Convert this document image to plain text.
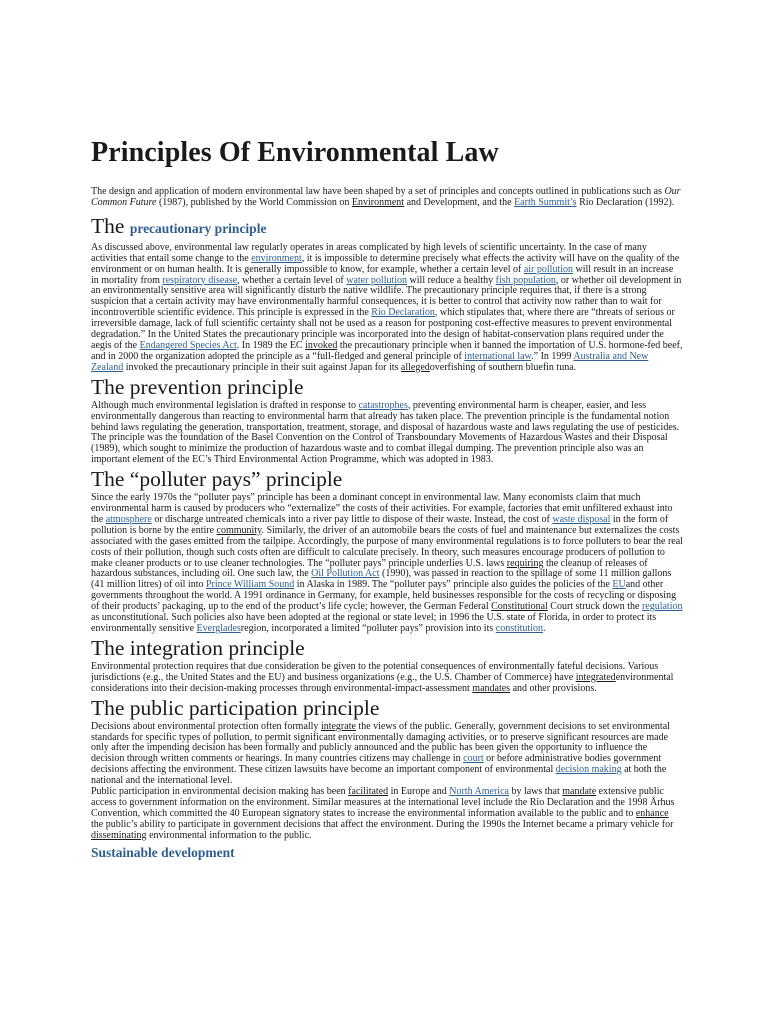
Principles Of Environmental Law

The design and application of modern environmental law have been shaped by a set of principles and concepts outlined in publications such as Our Common Future (1987), published by the World Commission on Environment and Development, and the Earth Summit’s Rio Declaration (1992).

The precautionary principle

As discussed above, environmental law regularly operates in areas complicated by high levels of scientific uncertainty. In the case of many activities that entail some change to the environment, it is impossible to determine precisely what effects the activity will have on the quality of the environment or on human health. It is generally impossible to know, for example, whether a certain level of air pollution will result in an increase in mortality from respiratory disease, whether a certain level of water pollution will reduce a healthy fish population, or whether oil development in an environmentally sensitive area will significantly disturb the native wildlife. The precautionary principle requires that, if there is a strong suspicion that a certain activity may have environmentally harmful consequences, it is better to control that activity now rather than to wait for incontrovertible scientific evidence. This principle is expressed in the Rio Declaration, which stipulates that, where there are “threats of serious or irreversible damage, lack of full scientific certainty shall not be used as a reason for postponing cost-effective measures to prevent environmental degradation.” In the United States the precautionary principle was incorporated into the design of habitat-conservation plans required under the aegis of the Endangered Species Act. In 1989 the EC invoked the precautionary principle when it banned the importation of U.S. hormone-fed beef, and in 2000 the organization adopted the principle as a “full-fledged and general principle of international law.” In 1999 Australia and New Zealand invoked the precautionary principle in their suit against Japan for its allegedoverfishing of southern bluefin tuna.

The prevention principle

Although much environmental legislation is drafted in response to catastrophes, preventing environmental harm is cheaper, easier, and less environmentally dangerous than reacting to environmental harm that already has taken place. The prevention principle is the fundamental notion behind laws regulating the generation, transportation, treatment, storage, and disposal of hazardous waste and laws regulating the use of pesticides. The principle was the foundation of the Basel Convention on the Control of Transboundary Movements of Hazardous Wastes and their Disposal (1989), which sought to minimize the production of hazardous waste and to combat illegal dumping. The prevention principle also was an important element of the EC’s Third Environmental Action Programme, which was adopted in 1983.

The “polluter pays” principle

Since the early 1970s the “polluter pays” principle has been a dominant concept in environmental law. Many economists claim that much environmental harm is caused by producers who “externalize” the costs of their activities. For example, factories that emit unfiltered exhaust into the atmosphere or discharge untreated chemicals into a river pay little to dispose of their waste. Instead, the cost of waste disposal in the form of pollution is borne by the entire community. Similarly, the driver of an automobile bears the costs of fuel and maintenance but externalizes the costs associated with the gases emitted from the tailpipe. Accordingly, the purpose of many environmental regulations is to force polluters to bear the real costs of their pollution, though such costs often are difficult to calculate precisely. In theory, such measures encourage producers of pollution to make cleaner products or to use cleaner technologies. The “polluter pays” principle underlies U.S. laws requiring the cleanup of releases of hazardous substances, including oil. One such law, the Oil Pollution Act (1990), was passed in reaction to the spillage of some 11 million gallons (41 million litres) of oil into Prince William Sound in Alaska in 1989. The “polluter pays” principle also guides the policies of the EUand other governments throughout the world. A 1991 ordinance in Germany, for example, held businesses responsible for the costs of recycling or disposing of their products’ packaging, up to the end of the product’s life cycle; however, the German Federal Constitutional Court struck down the regulation as unconstitutional. Such policies also have been adopted at the regional or state level; in 1996 the U.S. state of Florida, in order to protect its environmentally sensitive Evergladesregion, incorporated a limited “polluter pays” provision into its constitution.

The integration principle

Environmental protection requires that due consideration be given to the potential consequences of environmentally fateful decisions. Various jurisdictions (e.g., the United States and the EU) and business organizations (e.g., the U.S. Chamber of Commerce) have integratedenvironmental considerations into their decision-making processes through environmental-impact-assessment mandates and other provisions.

The public participation principle

Decisions about environmental protection often formally integrate the views of the public. Generally, government decisions to set environmental standards for specific types of pollution, to permit significant environmentally damaging activities, or to preserve significant resources are made only after the impending decision has been formally and publicly announced and the public has been given the opportunity to influence the decision through written comments or hearings. In many countries citizens may challenge in court or before administrative bodies government decisions affecting the environment. These citizen lawsuits have become an important component of environmental decision making at both the national and the international level.

Public participation in environmental decision making has been facilitated in Europe and North America by laws that mandate extensive public access to government information on the environment. Similar measures at the international level include the Rio Declaration and the 1998 Århus Convention, which committed the 40 European signatory states to increase the environmental information available to the public and to enhance the public’s ability to participate in government decisions that affect the environment. During the 1990s the Internet became a primary vehicle for disseminating environmental information to the public.

Sustainable development
